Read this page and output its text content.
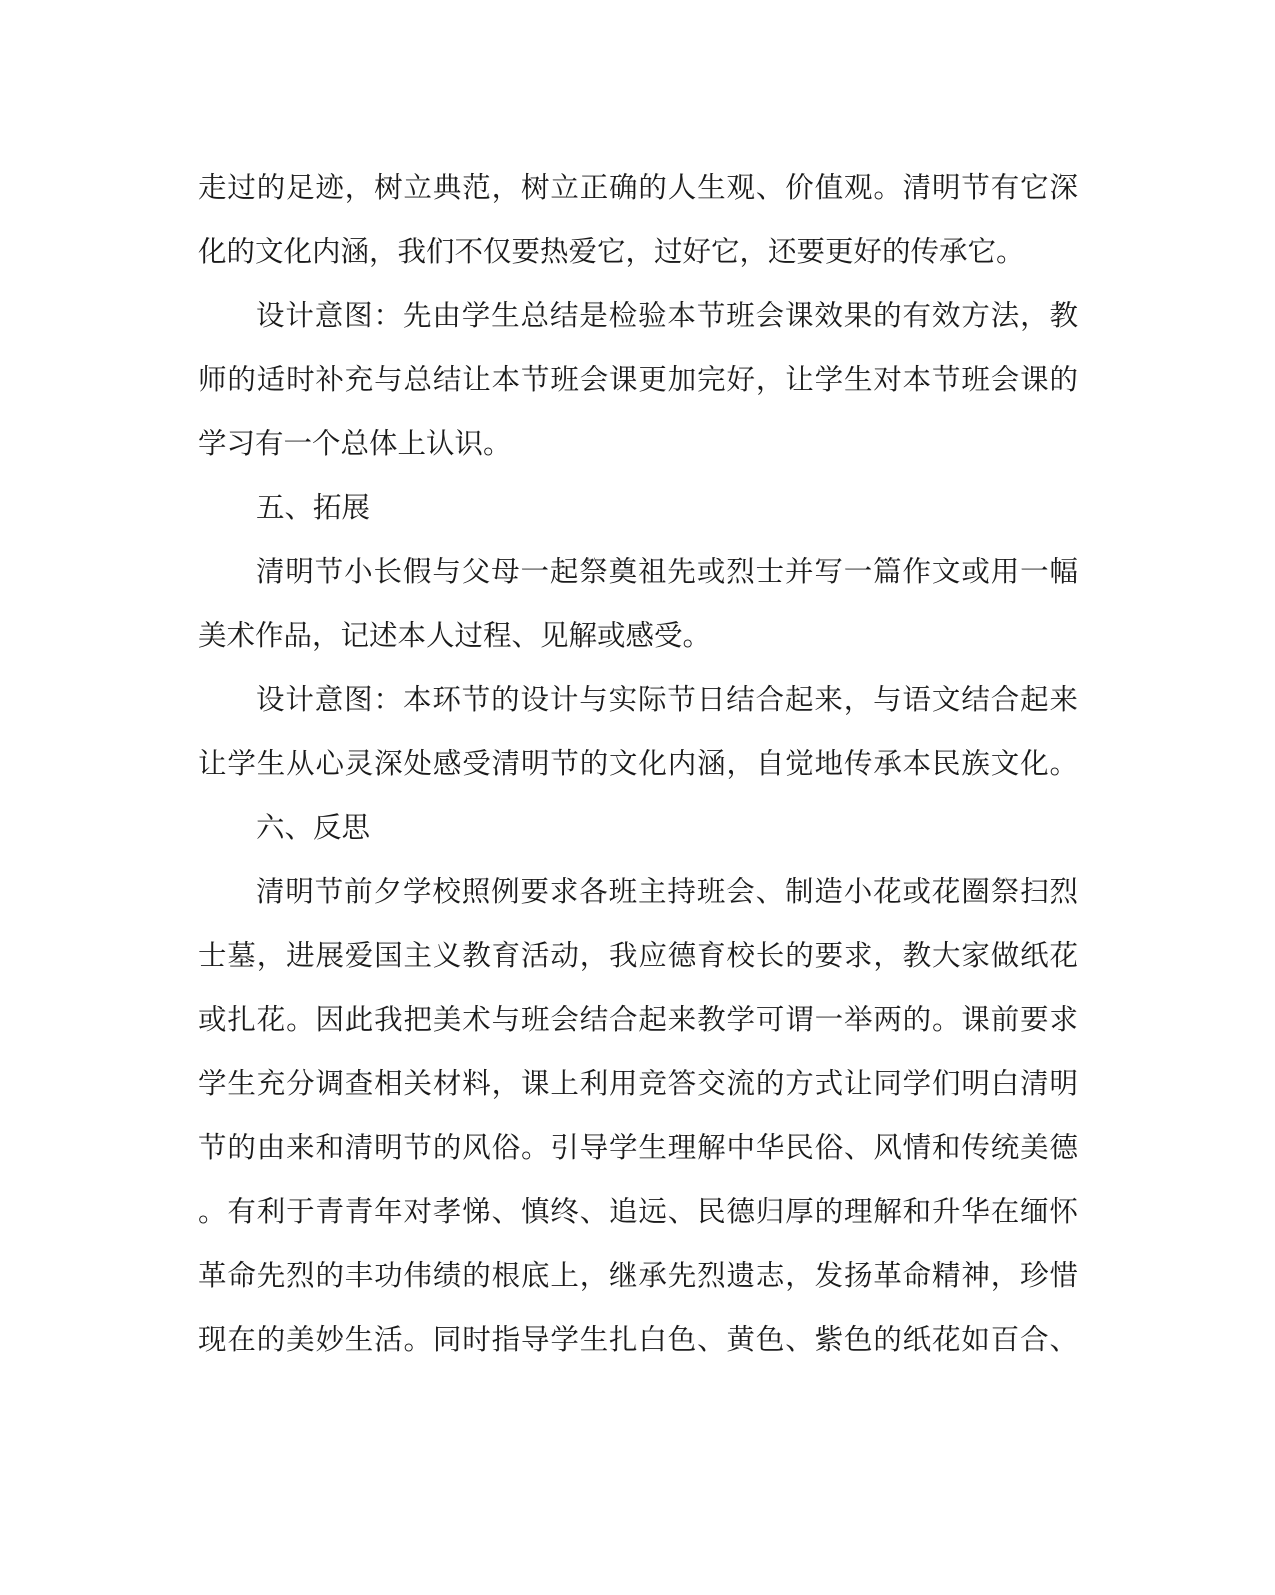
走过的足迹，树立典范，树立正确的人生观、价值观。清明节有它深
化的文化内涵，我们不仅要热爱它，过好它，还要更好的传承它。
设计意图：先由学生总结是检验本节班会课效果的有效方法，教
师的适时补充与总结让本节班会课更加完好，让学生对本节班会课的
学习有一个总体上认识。
五、拓展
清明节小长假与父母一起祭奠祖先或烈士并写一篇作文或用一幅
美术作品，记述本人过程、见解或感受。
设计意图：本环节的设计与实际节日结合起来，与语文结合起来
让学生从心灵深处感受清明节的文化内涵，自觉地传承本民族文化。
六、反思
清明节前夕学校照例要求各班主持班会、制造小花或花圈祭扫烈
士墓，进展爱国主义教育活动，我应德育校长的要求，教大家做纸花
或扎花。因此我把美术与班会结合起来教学可谓一举两的。课前要求
学生充分调查相关材料，课上利用竞答交流的方式让同学们明白清明
节的由来和清明节的风俗。引导学生理解中华民俗、风情和传统美德
。有利于青青年对孝悌、慎终、追远、民德归厚的理解和升华在缅怀
革命先烈的丰功伟绩的根底上，继承先烈遗志，发扬革命精神，珍惜
现在的美妙生活。同时指导学生扎白色、黄色、紫色的纸花如百合、
